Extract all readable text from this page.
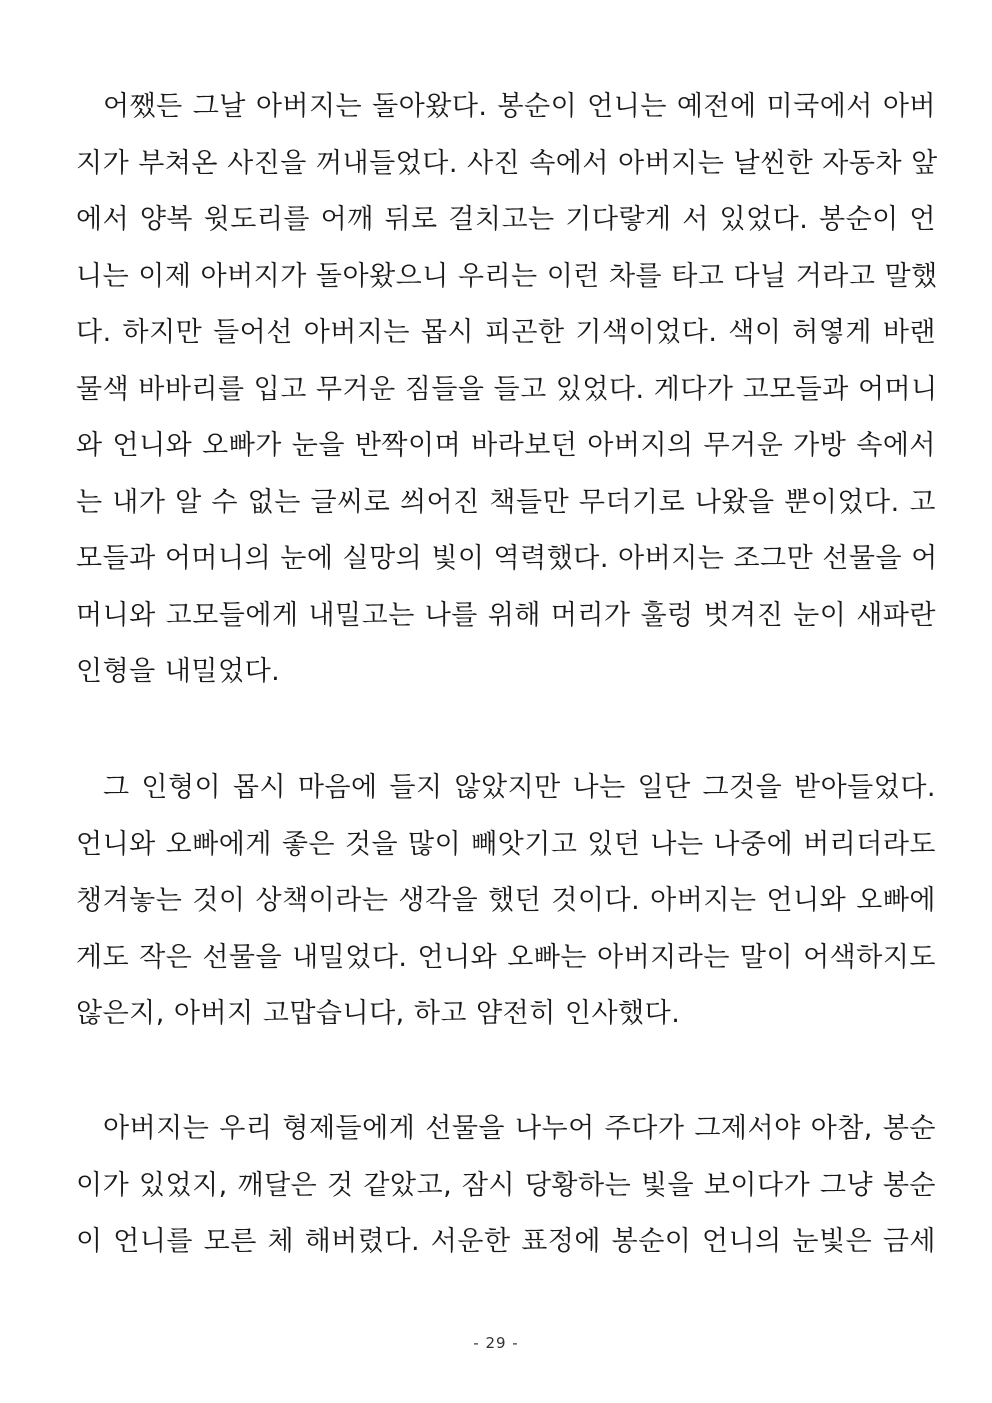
어쨌든 그날 아버지는 돌아왔다. 봉순이 언니는 예전에 미국에서 아버
지가 부쳐온 사진을 꺼내들었다. 사진 속에서 아버지는 날씬한 자동차 앞
에서 양복 윗도리를 어깨 뒤로 걸치고는 기다랗게 서 있었다. 봉순이 언
니는 이제 아버지가 돌아왔으니 우리는 이런 차를 타고 다닐 거라고 말했
다. 하지만 들어선 아버지는 몹시 피곤한 기색이었다. 색이 허옇게 바랜
물색 바바리를 입고 무거운 짐들을 들고 있었다. 게다가 고모들과 어머니
와 언니와 오빠가 눈을 반짝이며 바라보던 아버지의 무거운 가방 속에서
는 내가 알 수 없는 글씨로 씌어진 책들만 무더기로 나왔을 뿐이었다. 고
모들과 어머니의 눈에 실망의 빛이 역력했다. 아버지는 조그만 선물을 어
머니와 고모들에게 내밀고는 나를 위해 머리가 훌렁 벗겨진 눈이 새파란
인형을 내밀었다.
그 인형이 몹시 마음에 들지 않았지만 나는 일단 그것을 받아들었다.
언니와 오빠에게 좋은 것을 많이 빼앗기고 있던 나는 나중에 버리더라도
챙겨놓는 것이 상책이라는 생각을 했던 것이다. 아버지는 언니와 오빠에
게도 작은 선물을 내밀었다. 언니와 오빠는 아버지라는 말이 어색하지도
않은지, 아버지 고맙습니다, 하고 얌전히 인사했다.
아버지는 우리 형제들에게 선물을 나누어 주다가 그제서야 아참, 봉순
이가 있었지, 깨달은 것 같았고, 잠시 당황하는 빛을 보이다가 그냥 봉순
이 언니를 모른 체 해버렸다. 서운한 표정에 봉순이 언니의 눈빛은 금세
- 29 -
